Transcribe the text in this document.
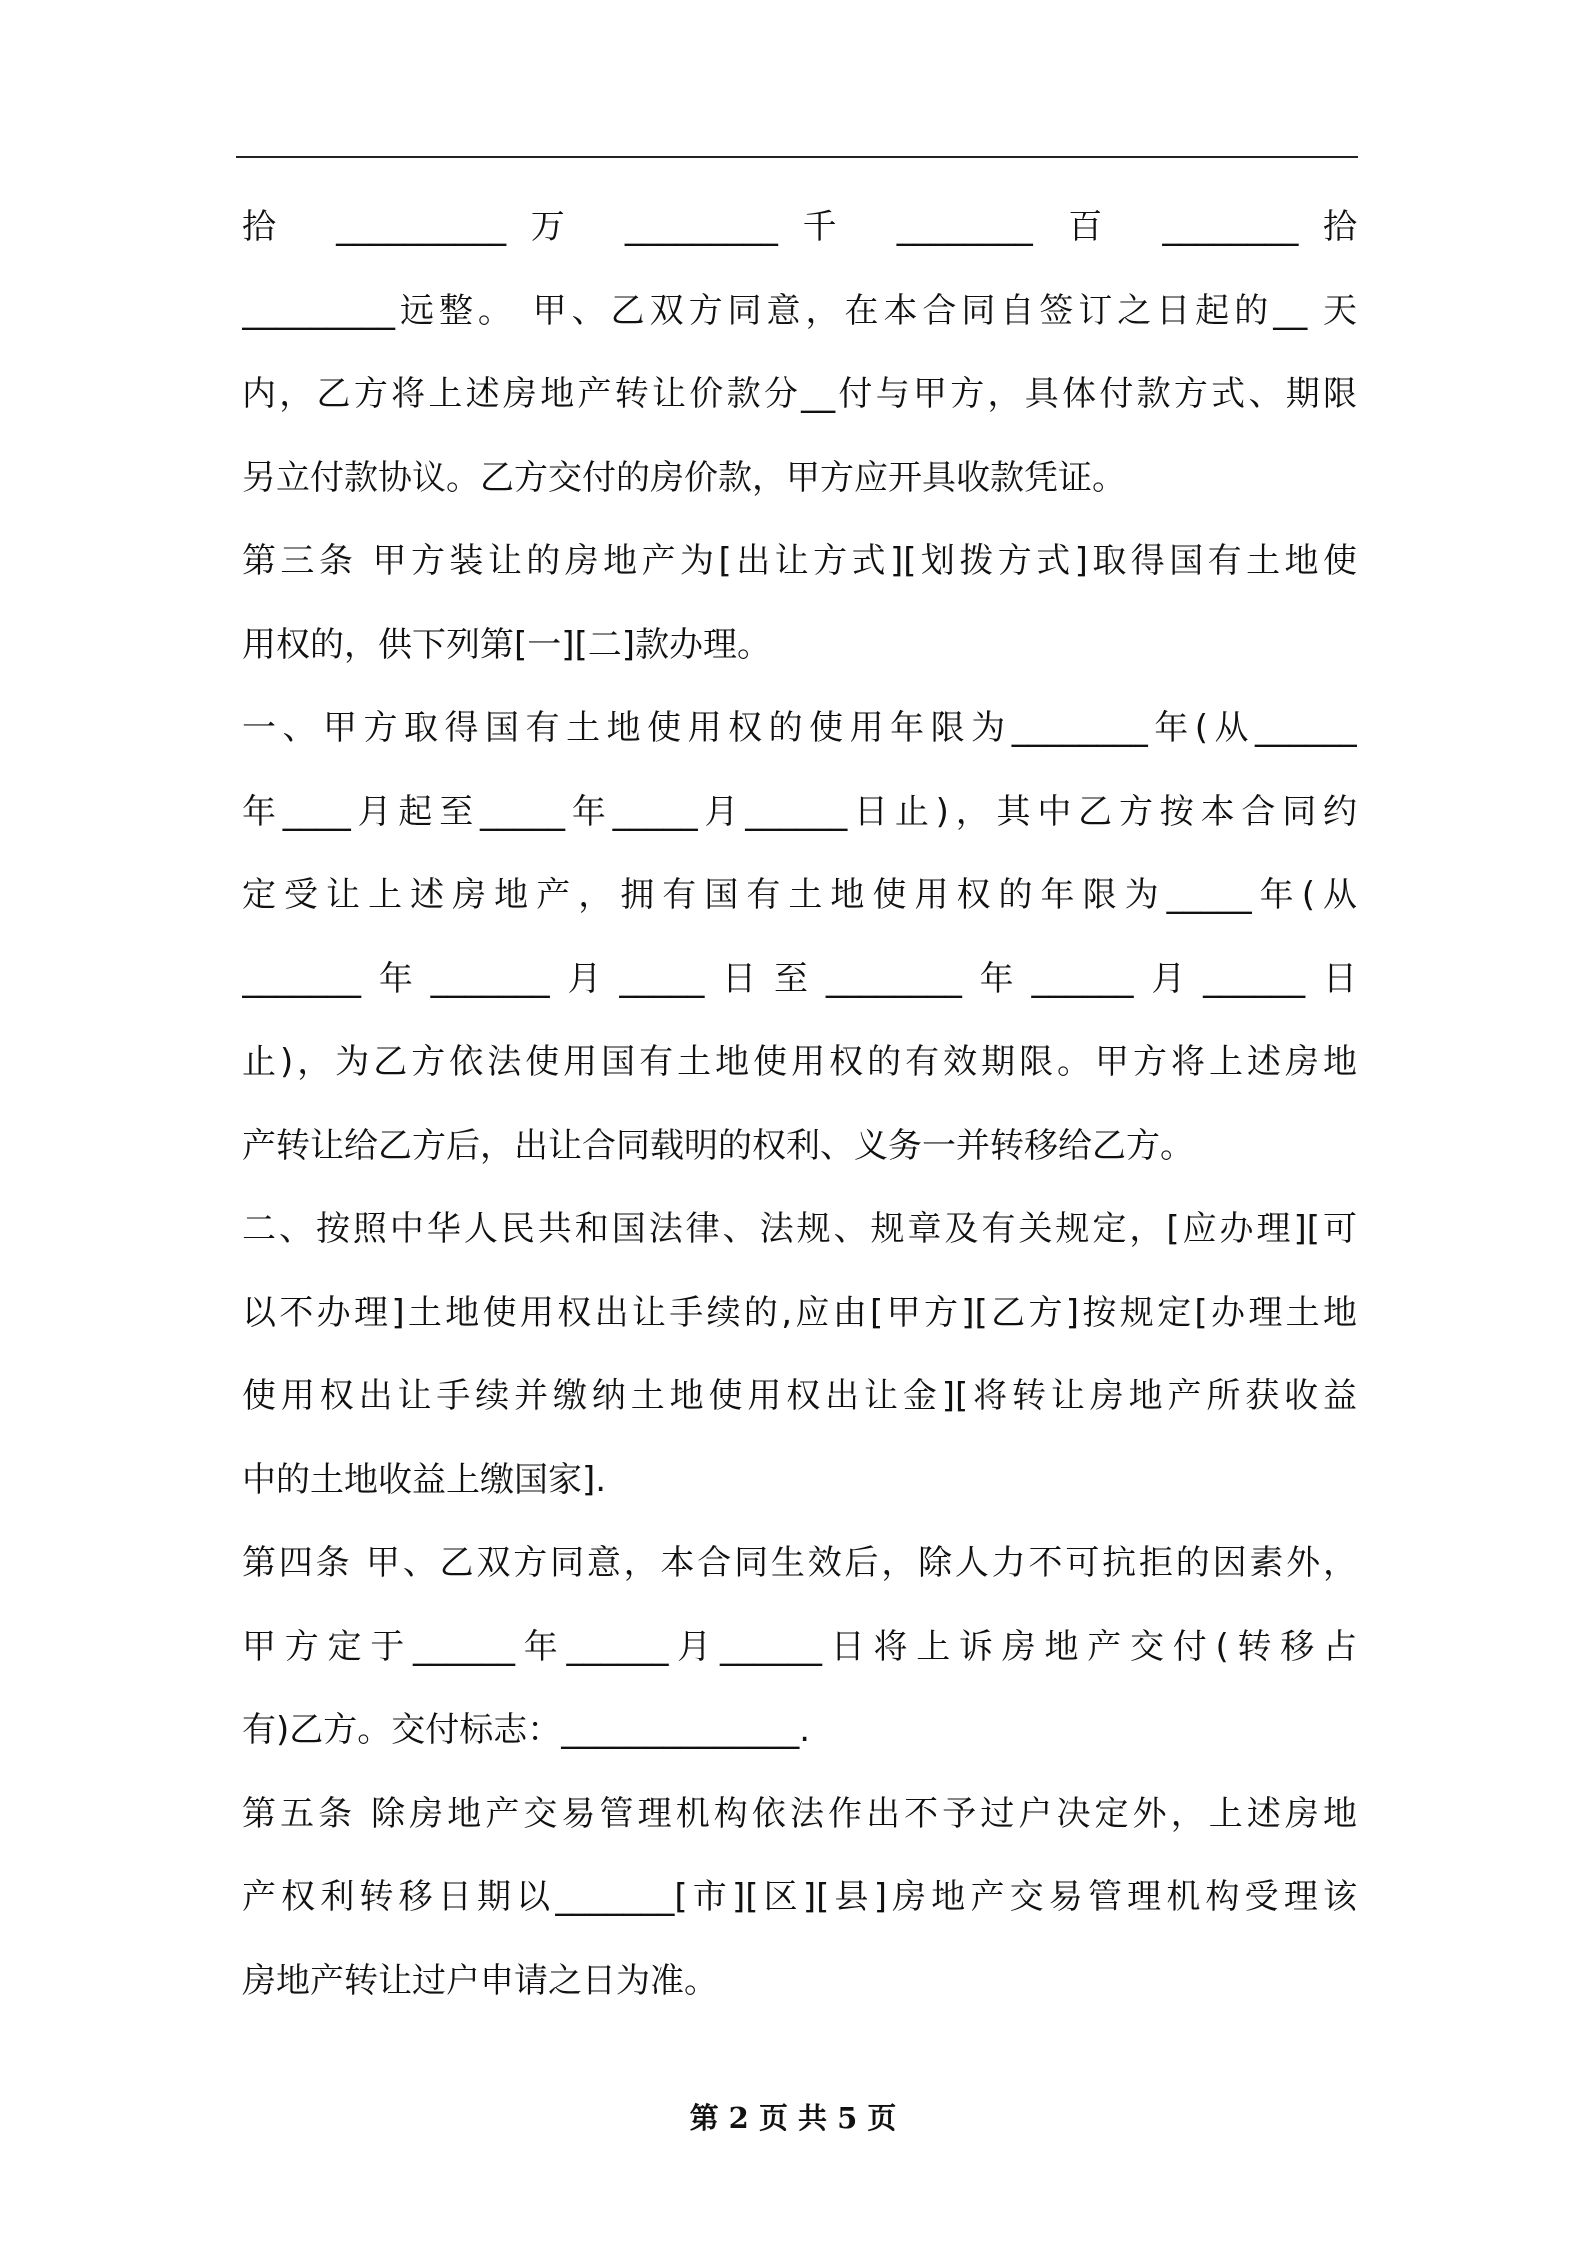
拾 __________万 _________千 ________ 百 ________拾
_________远整。 甲、乙双方同意，在本合同自签订之日起的__ 天
内，乙方将上述房地产转让价款分__付与甲方，具体付款方式、期限
另立付款协议。乙方交付的房价款，甲方应开具收款凭证。
第三条 甲方装让的房地产为[出让方式][划拨方式]取得国有土地使
用权的，供下列第[一][二]款办理。
一、甲方取得国有土地使用权的使用年限为________年(从______
年____月起至_____年_____月______日止)，其中乙方按本合同约
定受让上述房地产，拥有国有土地使用权的年限为_____年(从
_______年_______月_____日至________年______月______日
止)，为乙方依法使用国有土地使用权的有效期限。甲方将上述房地
产转让给乙方后，出让合同载明的权利、义务一并转移给乙方。
二、按照中华人民共和国法律、法规、规章及有关规定，[应办理][可
以不办理]土地使用权出让手续的,应由[甲方][乙方]按规定[办理土地
使用权出让手续并缴纳土地使用权出让金][将转让房地产所获收益
中的土地收益上缴国家].
第四条 甲、乙双方同意，本合同生效后，除人力不可抗拒的因素外，
甲方定于______年______月______日将上诉房地产交付(转移占
有)乙方。交付标志：______________.
第五条 除房地产交易管理机构依法作出不予过户决定外，上述房地
产权利转移日期以_______[市][区][县]房地产交易管理机构受理该
房地产转让过户申请之日为准。
第 2 页 共 5 页
